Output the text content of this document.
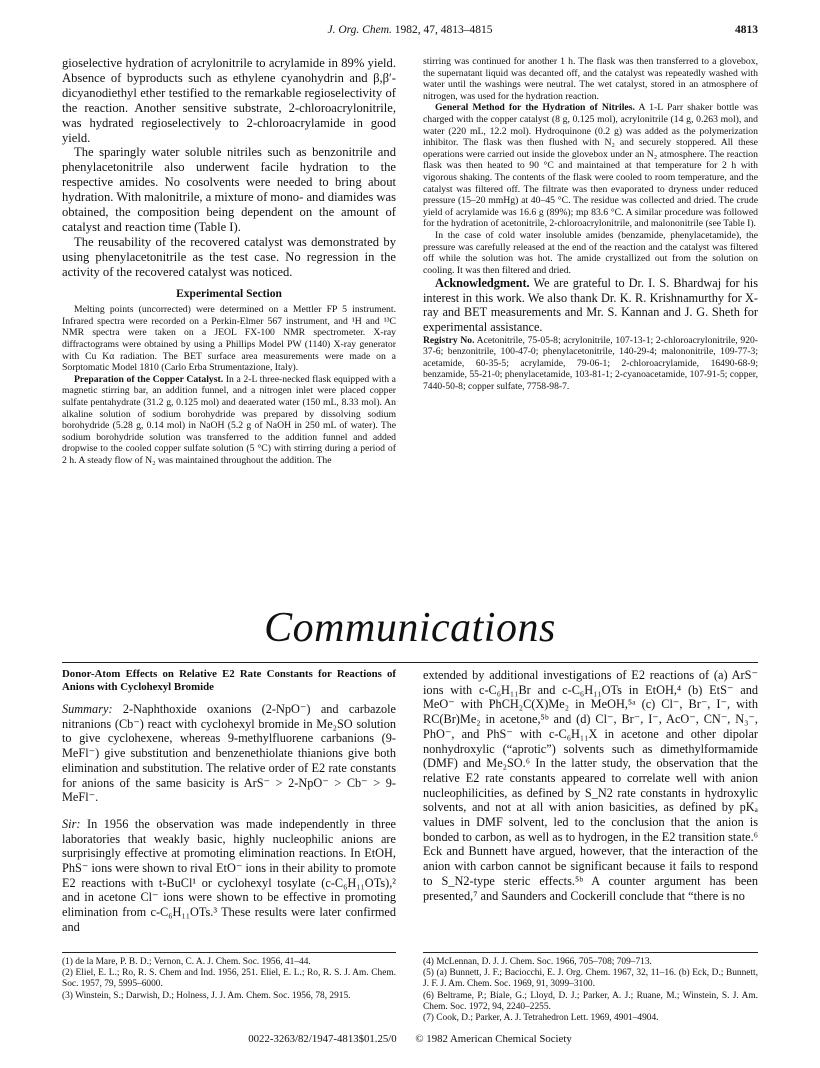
J. Org. Chem. 1982, 47, 4813–4815	4813

gioselective hydration of acrylonitrile to acrylamide in 89% yield. Absence of byproducts such as ethylene cyanohydrin and β,β′-dicyanodiethyl ether testified to the remarkable regioselectivity of the reaction. Another sensitive substrate, 2-chloroacrylonitrile, was hydrated regioselectively to 2-chloroacrylamide in good yield.

The sparingly water soluble nitriles such as benzonitrile and phenylacetonitrile also underwent facile hydration to the respective amides. No cosolvents were needed to bring about hydration. With malonitrile, a mixture of mono- and diamides was obtained, the composition being dependent on the amount of catalyst and reaction time (Table I).

The reusability of the recovered catalyst was demonstrated by using phenylacetonitrile as the test case. No regression in the activity of the recovered catalyst was noticed.

Experimental Section

Melting points (uncorrected) were determined on a Mettler FP 5 instrument. Infrared spectra were recorded on a Perkin-Elmer 567 instrument, and ¹H and ¹³C NMR spectra were taken on a JEOL FX-100 NMR spectrometer. X-ray diffractograms were obtained by using a Phillips Model PW (1140) X-ray generator with Cu Kα radiation. The BET surface area measurements were made on a Sorptomatic Model 1810 (Carlo Erba Strumentazione, Italy).

Preparation of the Copper Catalyst. In a 2-L three-necked flask equipped with a magnetic stirring bar, an addition funnel, and a nitrogen inlet were placed copper sulfate pentahydrate (31.2 g, 0.125 mol) and deaerated water (150 mL, 8.33 mol). An alkaline solution of sodium borohydride was prepared by dissolving sodium borohydride (5.28 g, 0.14 mol) in NaOH (5.2 g of NaOH in 250 mL of water). The sodium borohydride solution was transferred to the addition funnel and added dropwise to the cooled copper sulfate solution (5 °C) with stirring during a period of 2 h. A steady flow of N₂ was maintained throughout the addition. The

stirring was continued for another 1 h. The flask was then transferred to a glovebox, the supernatant liquid was decanted off, and the catalyst was repeatedly washed with water until the washings were neutral. The wet catalyst, stored in an atmosphere of nitrogen, was used for the hydration reaction.

General Method for the Hydration of Nitriles. A 1-L Parr shaker bottle was charged with the copper catalyst (8 g, 0.125 mol), acrylonitrile (14 g, 0.263 mol), and water (220 mL, 12.2 mol). Hydroquinone (0.2 g) was added as the polymerization inhibitor. The flask was then flushed with N₂ and securely stoppered. All these operations were carried out inside the glovebox under an N₂ atmosphere. The reaction flask was then heated to 90 °C and maintained at that temperature for 2 h with vigorous shaking. The contents of the flask were cooled to room temperature, and the catalyst was filtered off. The filtrate was then evaporated to dryness under reduced pressure (15–20 mmHg) at 40–45 °C. The residue was collected and dried. The crude yield of acrylamide was 16.6 g (89%); mp 83.6 °C. A similar procedure was followed for the hydration of acetonitrile, 2-chloroacrylonitrile, and malononitrile (see Table I).

In the case of cold water insoluble amides (benzamide, phenylacetamide), the pressure was carefully released at the end of the reaction and the catalyst was filtered off while the solution was hot. The amide crystallized out from the solution on cooling. It was then filtered and dried.

Acknowledgment. We are grateful to Dr. I. S. Bhardwaj for his interest in this work. We also thank Dr. K. R. Krishnamurthy for X-ray and BET measurements and Mr. S. Kannan and J. G. Sheth for experimental assistance.

Registry No. Acetonitrile, 75-05-8; acrylonitrile, 107-13-1; 2-chloroacrylonitrile, 920-37-6; benzonitrile, 100-47-0; phenylacetonitrile, 140-29-4; malononitrile, 109-77-3; acetamide, 60-35-5; acrylamide, 79-06-1; 2-chloroacrylamide, 16490-68-9; benzamide, 55-21-0; phenylacetamide, 103-81-1; 2-cyanoacetamide, 107-91-5; copper, 7440-50-8; copper sulfate, 7758-98-7.

Communications
Donor-Atom Effects on Relative E2 Rate Constants for Reactions of Anions with Cyclohexyl Bromide
Summary: 2-Naphthoxide oxanions (2-NpO⁻) and carbazole nitranions (Cb⁻) react with cyclohexyl bromide in Me₂SO solution to give cyclohexene, whereas 9-methylfluorene carbanions (9-MeFl⁻) give substitution and benzenethiolate thianions give both elimination and substitution. The relative order of E2 rate constants for anions of the same basicity is ArS⁻ > 2-NpO⁻ > Cb⁻ > 9-MeFl⁻.
Sir: In 1956 the observation was made independently in three laboratories that weakly basic, highly nucleophilic anions are surprisingly effective at promoting elimination reactions. In EtOH, PhS⁻ ions were shown to rival EtO⁻ ions in their ability to promote E2 reactions with t-BuCl¹ or cyclohexyl tosylate (c-C₆H₁₁OTs),² and in acetone Cl⁻ ions were shown to be effective in promoting elimination from c-C₆H₁₁OTs.³ These results were later confirmed and
extended by additional investigations of E2 reactions of (a) ArS⁻ ions with c-C₆H₁₁Br and c-C₆H₁₁OTs in EtOH,⁴ (b) EtS⁻ and MeO⁻ with PhCH₂C(X)Me₂ in MeOH,⁵ᵃ (c) Cl⁻, Br⁻, I⁻, with RC(Br)Me₂ in acetone,⁵ᵇ and (d) Cl⁻, Br⁻, I⁻, AcO⁻, CN⁻, N₃⁻, PhO⁻, and PhS⁻ with c-C₆H₁₁X in acetone and other dipolar nonhydroxylic (“aprotic”) solvents such as dimethylformamide (DMF) and Me₂SO.⁶ In the latter study, the observation that the relative E2 rate constants appeared to correlate well with anion nucleophilicities, as defined by S_N2 rate constants in hydroxylic solvents, and not at all with anion basicities, as defined by pKₐ values in DMF solvent, led to the conclusion that the anion is bonded to carbon, as well as to hydrogen, in the E2 transition state.⁶ Eck and Bunnett have argued, however, that the interaction of the anion with carbon cannot be significant because it fails to respond to S_N2-type steric effects.⁵ᵇ A counter argument has been presented,⁷ and Saunders and Cockerill conclude that “there is no
(1) de la Mare, P. B. D.; Vernon, C. A. J. Chem. Soc. 1956, 41–44.
(2) Eliel, E. L.; Ro, R. S. Chem and Ind. 1956, 251. Eliel, E. L.; Ro, R. S. J. Am. Chem. Soc. 1957, 79, 5995–6000.
(3) Winstein, S.; Darwish, D.; Holness, J. J. Am. Chem. Soc. 1956, 78, 2915.
(4) McLennan, D. J. J. Chem. Soc. 1966, 705–708; 709–713.
(5) (a) Bunnett, J. F.; Baciocchi, E. J. Org. Chem. 1967, 32, 11–16. (b) Eck, D.; Bunnett, J. F. J. Am. Chem. Soc. 1969, 91, 3099–3100.
(6) Beltrame, P.; Biale, G.; Lloyd, D. J.; Parker, A. J.; Ruane, M.; Winstein, S. J. Am. Chem. Soc. 1972, 94, 2240–2255.
(7) Cook, D.; Parker, A. J. Tetrahedron Lett. 1969, 4901–4904.
0022-3263/82/1947-4813$01.25/0 © 1982 American Chemical Society
